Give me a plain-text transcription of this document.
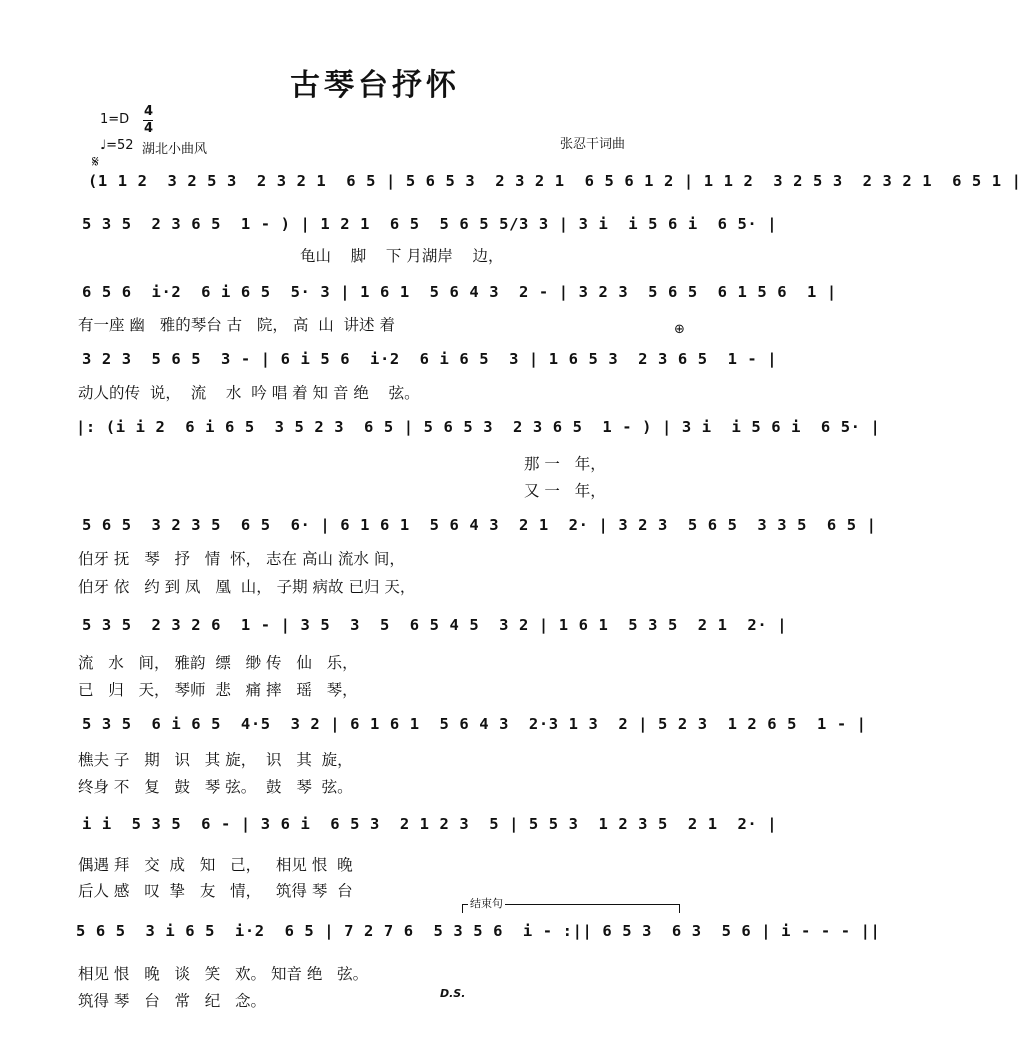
古琴台抒怀
1=D
4
4
♩=52 湖北小曲风	张忍干词曲
𝄋
(1 1 2  3 2 5 3  2 3 2 1  6 5 | 5 6 5 3  2 3 2 1  6 5 6 1 2 | 1 1 2  3 2 5 3  2 3 2 1  6 5 1 |
5 3 5  2 3 6 5  1 - ) | 1 2 1  6 5  5 6 5 5/3 3 | 3 i  i 5 6 i  6 5· |
龟山    脚    下 月湖岸    边，
6 5 6  i·2  6 i 6 5  5· 3 | 1 6 1  5 6 4 3  2 - | 3 2 3  5 6 5  6 1 5 6  1 |
有一座 幽   雅的琴台 古   院， 高  山  讲述 着	⊕
3 2 3  5 6 5  3 - | 6 i 5 6  i·2  6 i 6 5  3 | 1 6 5 3  2 3 6 5  1 - |
动人的传  说，  流    水  吟 唱 着 知 音 绝    弦。
|: (i i 2  6 i 6 5  3 5 2 3  6 5 | 5 6 5 3  2 3 6 5  1 - ) | 3 i  i 5 6 i  6 5· |
那 一   年，
又 一   年，
5 6 5  3 2 3 5  6 5  6· | 6 1 6 1  5 6 4 3  2 1  2· | 3 2 3  5 6 5  3 3 5  6 5 |
伯牙 抚   琴   抒   情  怀， 志在 高山 流水 间，
伯牙 依   约 到 凤   凰  山， 子期 病故 已归 天，
5 3 5  2 3 2 6  1 - | 3 5  3  5  6 5 4 5  3 2 | 1 6 1  5 3 5  2 1  2· |
流   水   间， 雅韵  缥   缈 传   仙   乐，
已   归   天， 琴师  悲   痛 摔   瑶   琴，
5 3 5  6 i 6 5  4·5  3 2 | 6 1 6 1  5 6 4 3  2·3 1 3  2 | 5 2 3  1 2 6 5  1 - |
樵夫 子   期   识   其 旋，  识   其  旋，
终身 不   复   鼓   琴 弦。  鼓   琴  弦。
i i  5 3 5  6 - | 3 6 i  6 5 3  2 1 2 3  5 | 5 5 3  1 2 3 5  2 1  2· |
偶遇 拜   交  成   知   己，   相见 恨  晚
后人 感   叹  挚   友   情，   筑得 琴  台
结束句
5 6 5  3 i 6 5  i·2  6 5 | 7 2 7 6  5 3 5 6  i - :|| 6 5 3  6 3  5 6 | i - - - ||
相见 恨   晚   谈   笑   欢。 知音 绝   弦。
筑得 琴   台   常   纪   念。	D.S.
